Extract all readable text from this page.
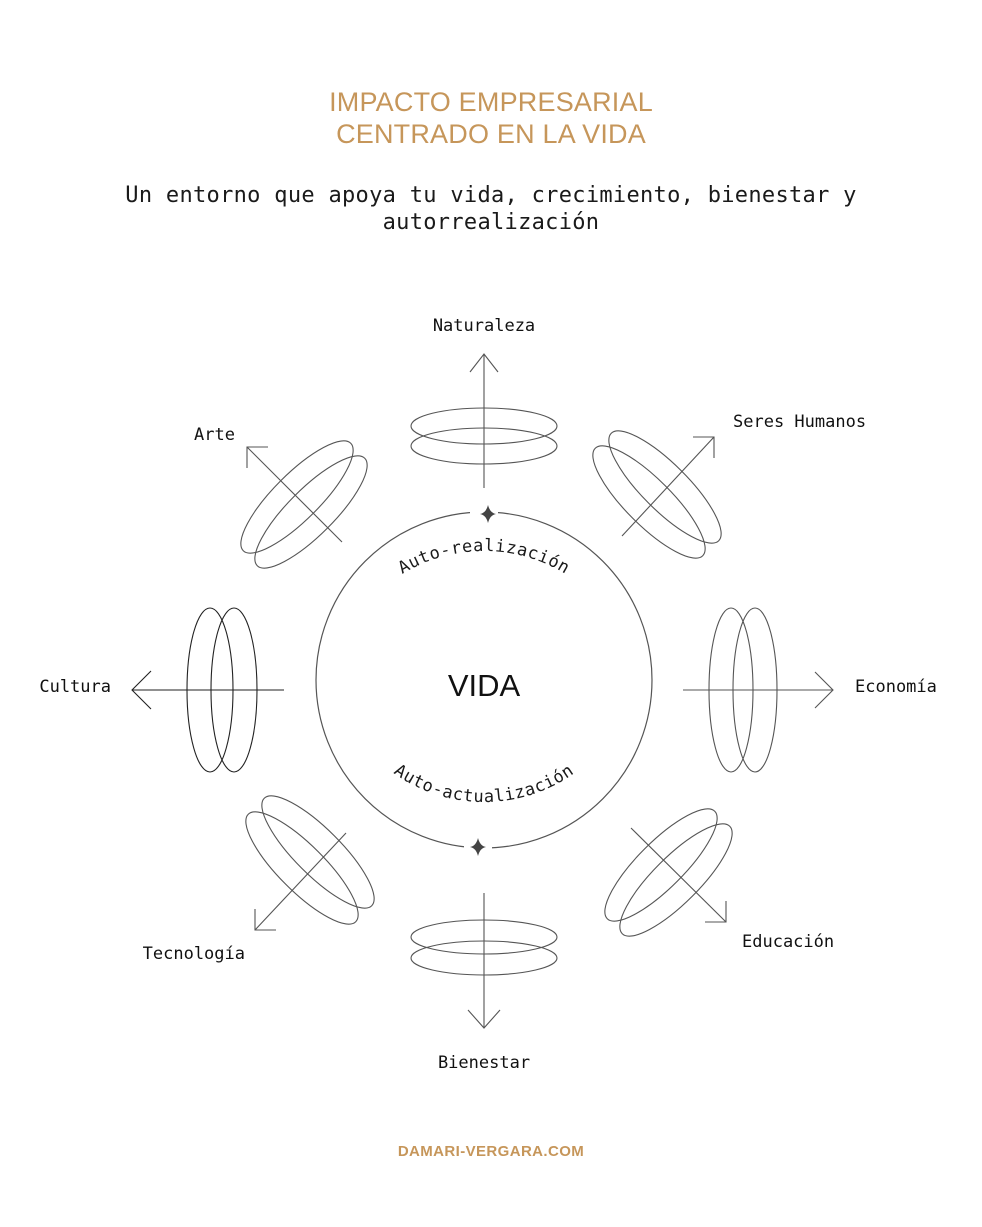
IMPACTO EMPRESARIAL
CENTRADO EN LA VIDA
Un entorno que apoya tu vida, crecimiento, bienestar y autorrealización
Auto-realización
Auto-actualización
VIDA
Naturaleza
Bienestar
Economía
Cultura
Seres Humanos
Arte
Educación
Tecnología
DAMARI-VERGARA.COM
